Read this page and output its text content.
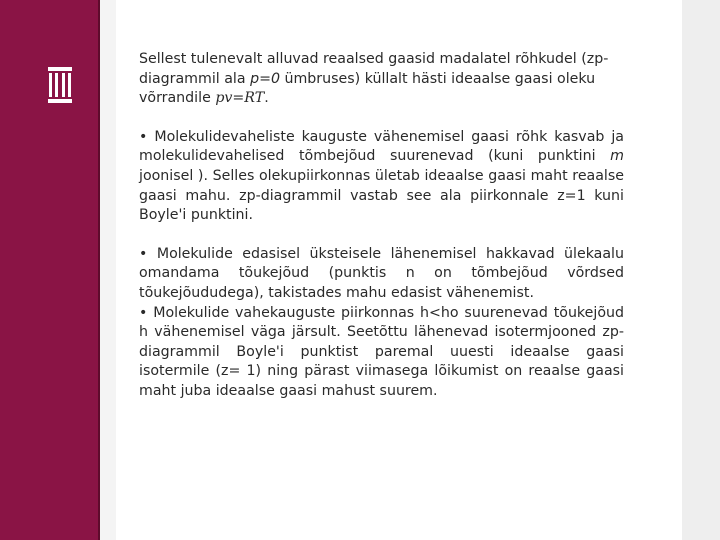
Sellest tulenevalt alluvad reaalsed gaasid madalatel rõhkudel (zp-diagrammil ala p=0 ümbruses) küllalt hästi ideaalse gaasi oleku võrrandile pv=RT.

• Molekulidevaheliste kauguste vähenemisel gaasi rõhk kasvab ja molekulidevahelised tõmbejõud suurenevad (kuni punktini m joonisel ). Selles olekupiirkonnas ületab ideaalse gaasi maht reaalse gaasi mahu. zp-diagrammil vastab see ala piirkonnale z=1 kuni Boyle'i punktini.

• Molekulide edasisel üksteisele lähenemisel hakkavad ülekaalu omandama tõukejõud (punktis n on tõmbejõud võrdsed tõukejõududega), takistades mahu edasist vähenemist.

• Molekulide vahekauguste piirkonnas h<ho suurenevad tõukejõud h vähenemisel väga järsult. Seetõttu lähenevad isotermjooned zp-diagrammil Boyle'i punktist paremal uuesti ideaalse gaasi isotermile (z= 1) ning pärast viimasega lõikumist on reaalse gaasi maht juba ideaalse gaasi mahust suurem.
